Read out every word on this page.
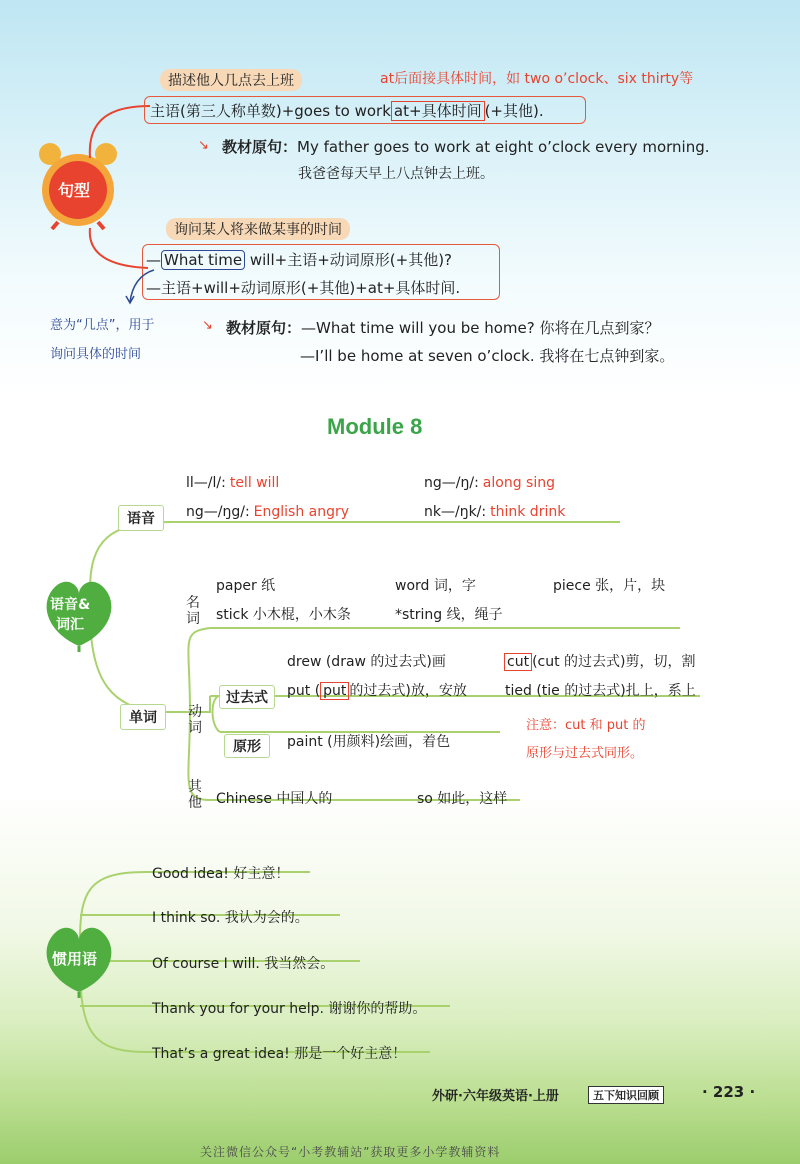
句型
描述他人几点去上班	at后面接具体时间，如 two o’clock、six thirty等
主语(第三人称单数)+goes to work at+具体时间 (+其他).
↘ 教材原句：My father goes to work at eight o’clock every morning.
我爸爸每天早上八点钟去上班。
询问某人将来做某事的时间
— What time will+主语+动词原形(+其他)?
—主语+will+动词原形(+其他)+at+具体时间.
意为“几点”，用于
询问具体的时间
↘ 教材原句：—What time will you be home? 你将在几点到家？
—I’ll be home at seven o’clock. 我将在七点钟到家。
Module 8
语音
ll—/l/: tell will	ng—/ŋ/: along sing
ng—/ŋg/: English angry	nk—/ŋk/: think drink
语音&
词汇
单词
名词
paper 纸	word 词，字	piece 张，片，块
stick 小木棍，小木条	*string 线，绳子
动词
过去式
原形
drew (draw 的过去式)画	cut (cut 的过去式)剪，切，割
put ( put 的过去式)放，安放	tied (tie 的过去式)扎上，系上
paint (用颜料)绘画，着色
注意：cut 和 put 的
原形与过去式同形。
其他 Chinese 中国人的	so 如此，这样
惯用语
Good idea! 好主意！
I think so. 我认为会的。
Of course I will. 我当然会。
Thank you for your help. 谢谢你的帮助。
That’s a great idea! 那是一个好主意！
外研·六年级英语·上册	五下知识回顾	· 223 ·
关注微信公众号“小考教辅站”获取更多小学教辅资料
